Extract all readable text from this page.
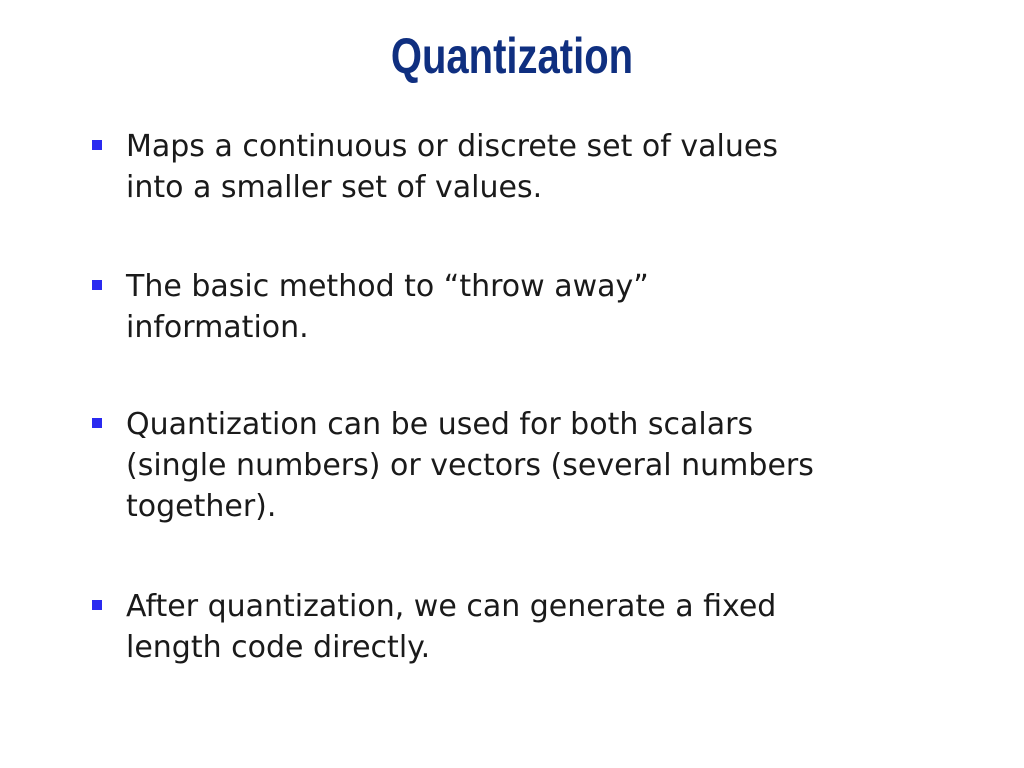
Quantization
Maps a continuous or discrete set of values
into a smaller set of values.
The basic method to “throw away”
information.
Quantization can be used for both scalars
(single numbers) or vectors (several numbers
together).
After quantization, we can generate a fixed
length code directly.
